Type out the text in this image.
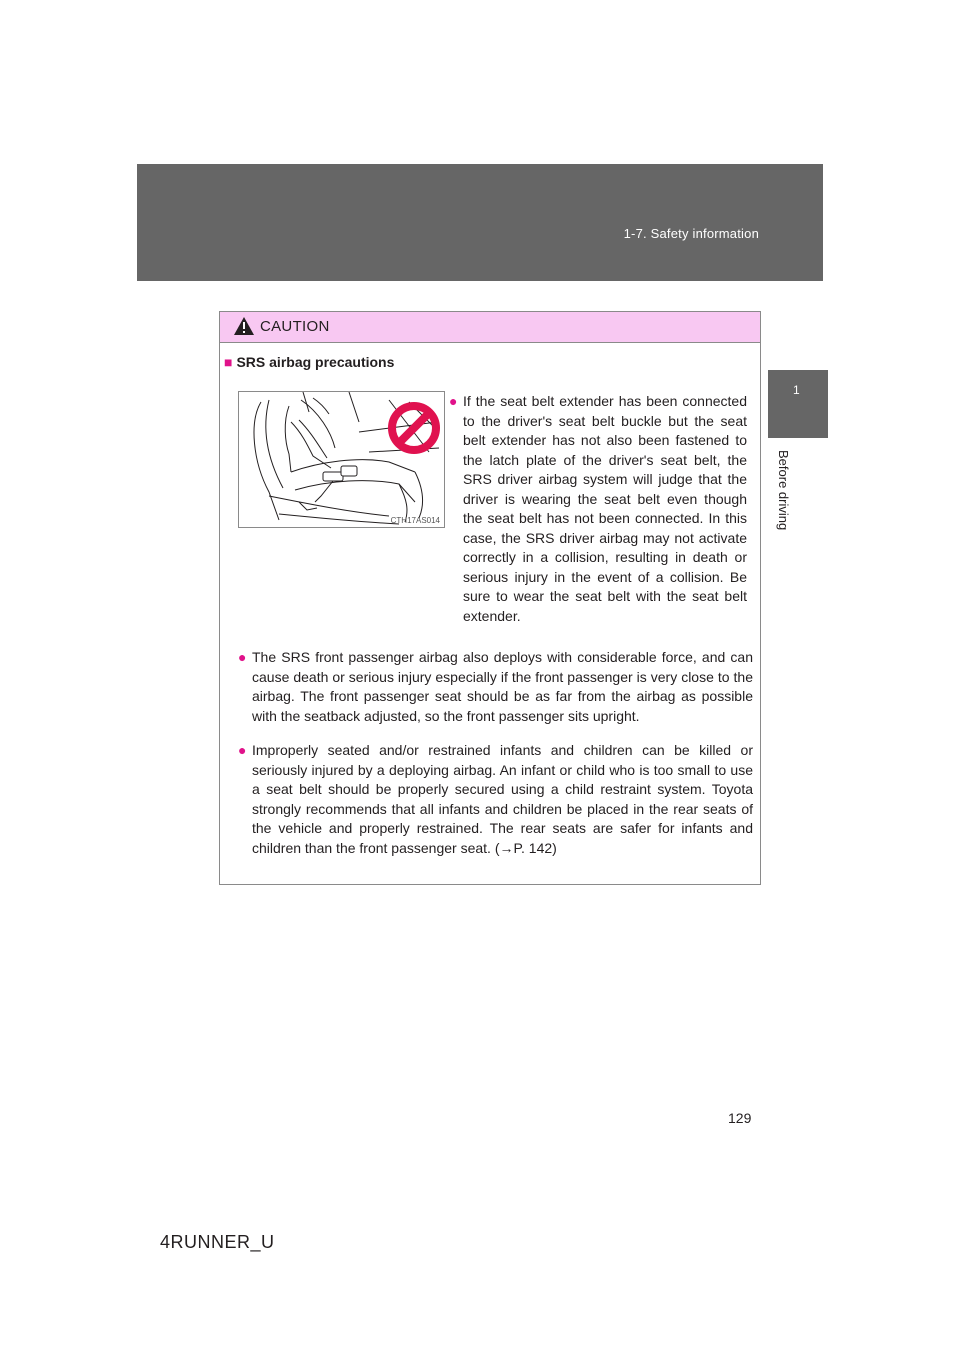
1-7. Safety information
1
Before driving
CAUTION
■ SRS airbag precautions
CTH17AS014
● If the seat belt extender has been connected to the driver's seat belt buckle but the seat belt extender has not also been fastened to the latch plate of the driver's seat belt, the SRS driver airbag system will judge that the driver is wearing the seat belt even though the seat belt has not been connected. In this case, the SRS driver airbag may not activate correctly in a collision, resulting in death or serious injury in the event of a collision. Be sure to wear the seat belt with the seat belt extender.
● The SRS front passenger airbag also deploys with considerable force, and can cause death or serious injury especially if the front passenger is very close to the airbag. The front passenger seat should be as far from the airbag as possible with the seatback adjusted, so the front passenger sits upright.
● Improperly seated and/or restrained infants and children can be killed or seriously injured by a deploying airbag. An infant or child who is too small to use a seat belt should be properly secured using a child restraint system. Toyota strongly recommends that all infants and children be placed in the rear seats of the vehicle and properly restrained. The rear seats are safer for infants and children than the front passenger seat. (→P. 142)
129
4RUNNER_U
